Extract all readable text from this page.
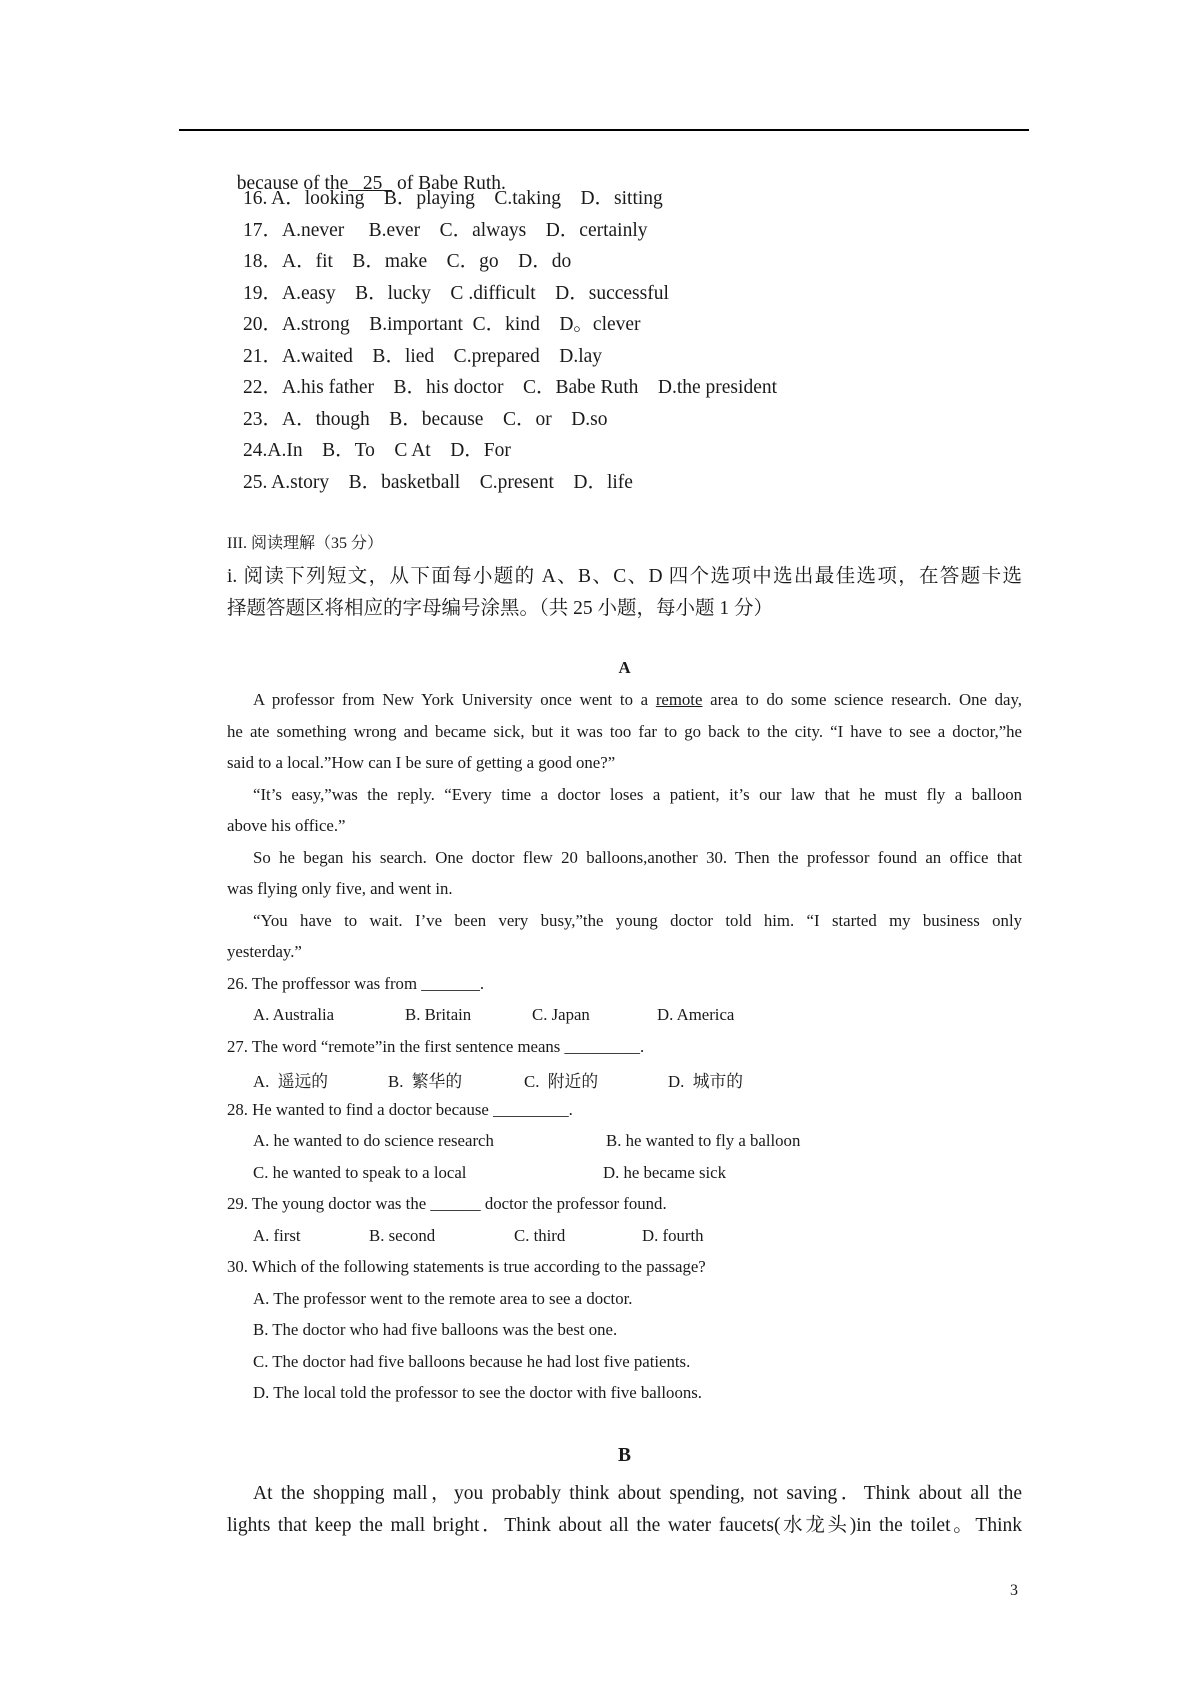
because of the 25   of Babe Ruth.

16. A．looking    B．playing    C.taking    D．sitting
17．A.never     B.ever    C．always    D．certainly
18．A．fit    B．make    C．go    D．do
19．A.easy    B．lucky    C .difficult    D．successful
20．A.strong    B.important  C．kind    D。clever
21．A.waited    B．lied    C.prepared    D.lay
22．A.his father    B．his doctor    C．Babe Ruth    D.the president
23．A．though    B．because    C．or    D.so
24.A.In    B．To    C At    D．For
25. A.story    B．basketball    C.present    D．life
III. 阅读理解（35 分）
i. 阅读下列短文，从下面每小题的 A、B、C、D 四个选项中选出最佳选项，在答题卡选
择题答题区将相应的字母编号涂黑。（共 25 小题，每小题 1 分）
A
A professor from New York University once went to a remote area to do some science research. One day,
he ate something wrong and became sick, but it was too far to go back to the city. “I have to see a doctor,”he
said to a local.”How can I be sure of getting a good one?”
“It’s easy,”was the reply. “Every time a doctor loses a patient, it’s our law that he must fly a balloon
above his office.”
So he began his search. One doctor flew 20 balloons,another 30. Then the professor found an office that
was flying only five, and went in.
“You have to wait. I’ve been very busy,”the young doctor told him. “I started my business only
yesterday.”
26. The proffessor was from _______.
A. Australia	B. Britain	C. Japan	D. America
27. The word “remote”in the first sentence means _________.
A.  遥远的	B.  繁华的	C.  附近的	D.  城市的
28. He wanted to find a doctor because _________.
A. he wanted to do science research	B. he wanted to fly a balloon
C. he wanted to speak to a local	D. he became sick
29. The young doctor was the ______ doctor the professor found.
A. first	B. second	C. third	D. fourth
30. Which of the following statements is true according to the passage?
A. The professor went to the remote area to see a doctor.
B. The doctor who had five balloons was the best one.
C. The doctor had five balloons because he had lost five patients.
D. The local told the professor to see the doctor with five balloons.
B
At the shopping mall，you probably think about spending, not saving．Think about all the
lights that keep the mall bright．Think about all the water faucets(水龙头)in the toilet。Think
3
